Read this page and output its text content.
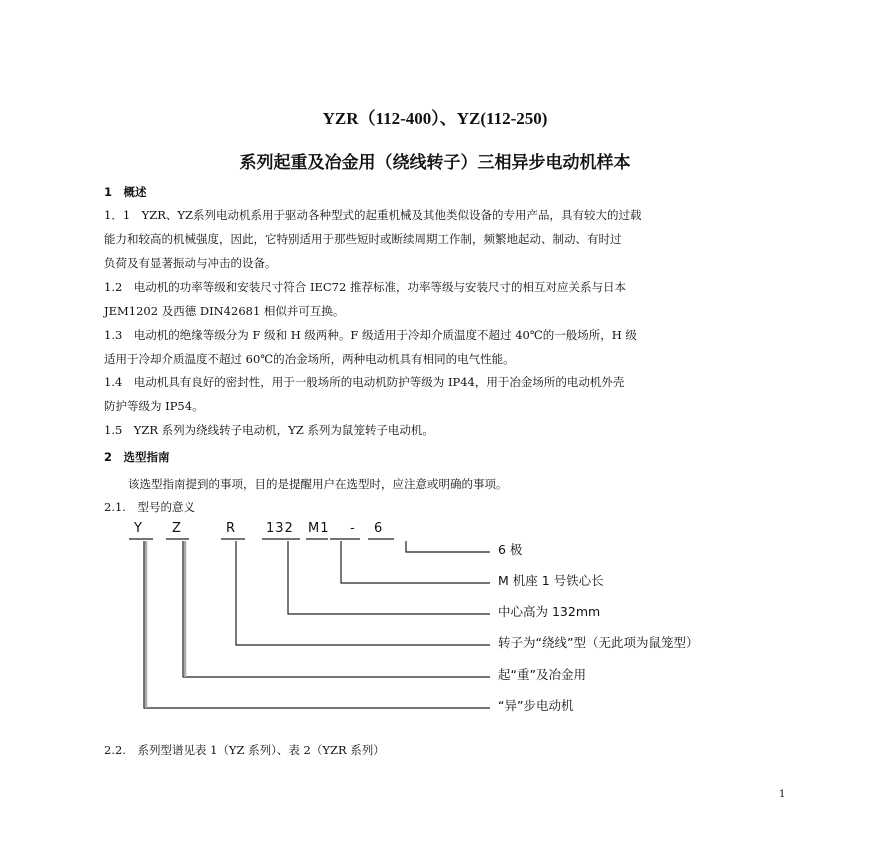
YZR（112-400）、YZ(112-250)
系列起重及冶金用（绕线转子）三相异步电动机样本
1　概述
1．1　YZR、YZ系列电动机系用于驱动各种型式的起重机械及其他类似设备的专用产品，具有较大的过载
能力和较高的机械强度，因此，它特别适用于那些短时或断续周期工作制，频繁地起动、制动、有时过
负荷及有显著振动与冲击的设备。
1.2　电动机的功率等级和安装尺寸符合 IEC72 推荐标准，功率等级与安装尺寸的相互对应关系与日本
JEM1202 及西德 DIN42681 相似并可互换。
1.3　电动机的绝缘等级分为 F 级和 H 级两种。F 级适用于冷却介质温度不超过 40℃的一般场所，H 级
适用于冷却介质温度不超过 60℃的冶金场所，两种电动机具有相同的电气性能。
1.4　电动机具有良好的密封性，用于一般场所的电动机防护等级为 IP44，用于冶金场所的电动机外壳
防护等级为 IP54。
1.5　YZR 系列为绕线转子电动机，YZ 系列为鼠笼转子电动机。
2　选型指南
该选型指南提到的事项，目的是提醒用户在选型时，应注意或明确的事项。
2.1.　型号的意义
Y Z	R 132 M1 - 6
6 极
M 机座 1 号铁心长
中心高为 132mm
转子为“绕线”型（无此项为鼠笼型）
起“重”及冶金用
“异”步电动机
2.2.　系列型谱见表 1（YZ 系列）、表 2（YZR 系列）
1
